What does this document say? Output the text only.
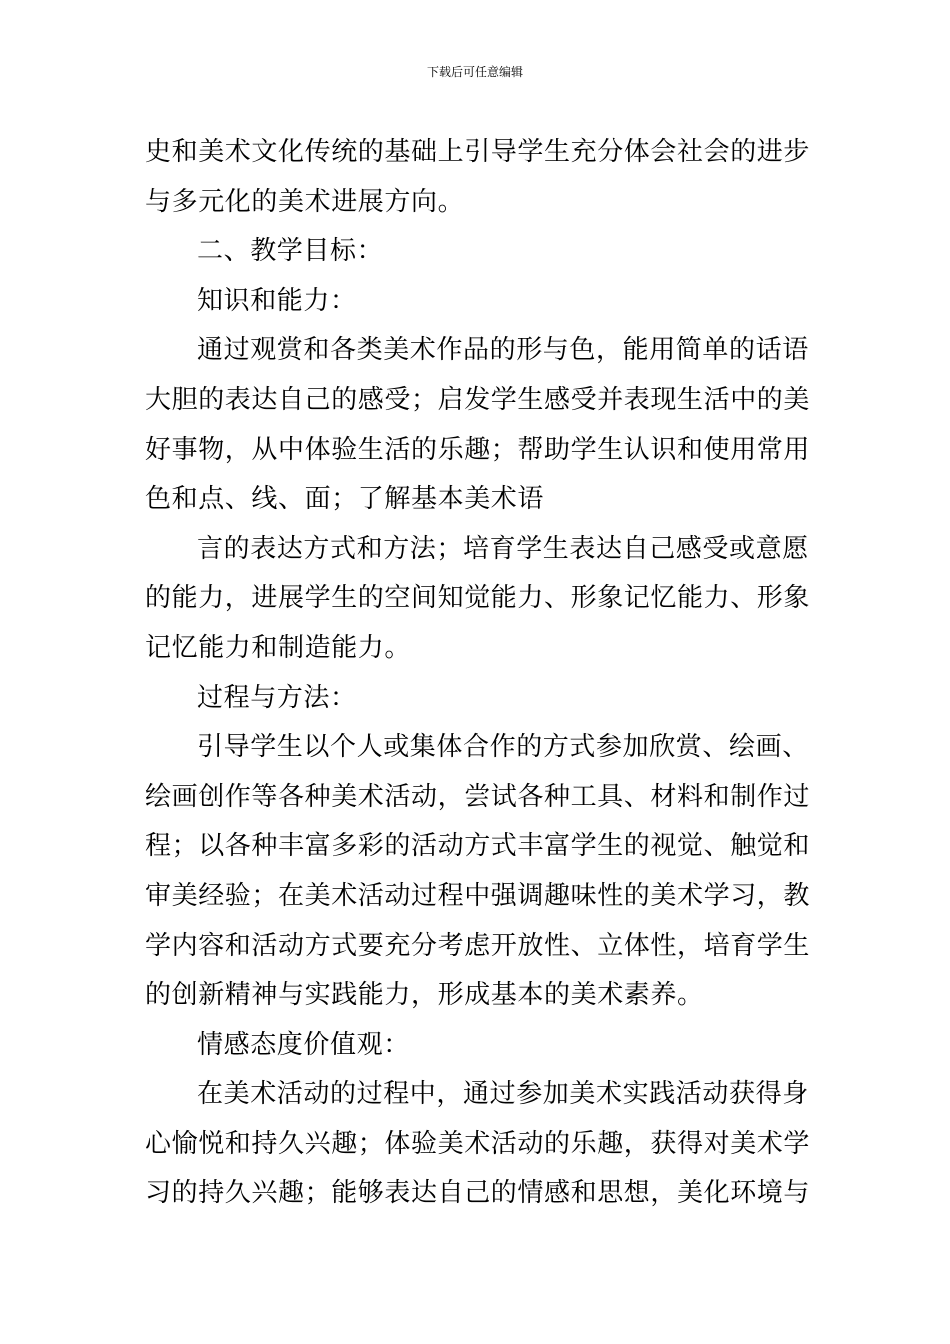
下载后可任意编辑
史和美术文化传统的基础上引导学生充分体会社会的进步
与多元化的美术进展方向。
二、教学目标：
知识和能力：
通过观赏和各类美术作品的形与色，能用简单的话语
大胆的表达自己的感受；启发学生感受并表现生活中的美
好事物，从中体验生活的乐趣；帮助学生认识和使用常用
色和点、线、面；了解基本美术语
言的表达方式和方法；培育学生表达自己感受或意愿
的能力，进展学生的空间知觉能力、形象记忆能力、形象
记忆能力和制造能力。
过程与方法：
引导学生以个人或集体合作的方式参加欣赏、绘画、
绘画创作等各种美术活动，尝试各种工具、材料和制作过
程；以各种丰富多彩的活动方式丰富学生的视觉、触觉和
审美经验；在美术活动过程中强调趣味性的美术学习，教
学内容和活动方式要充分考虑开放性、立体性，培育学生
的创新精神与实践能力，形成基本的美术素养。
情感态度价值观：
在美术活动的过程中，通过参加美术实践活动获得身
心愉悦和持久兴趣；体验美术活动的乐趣，获得对美术学
习的持久兴趣；能够表达自己的情感和思想，美化环境与
